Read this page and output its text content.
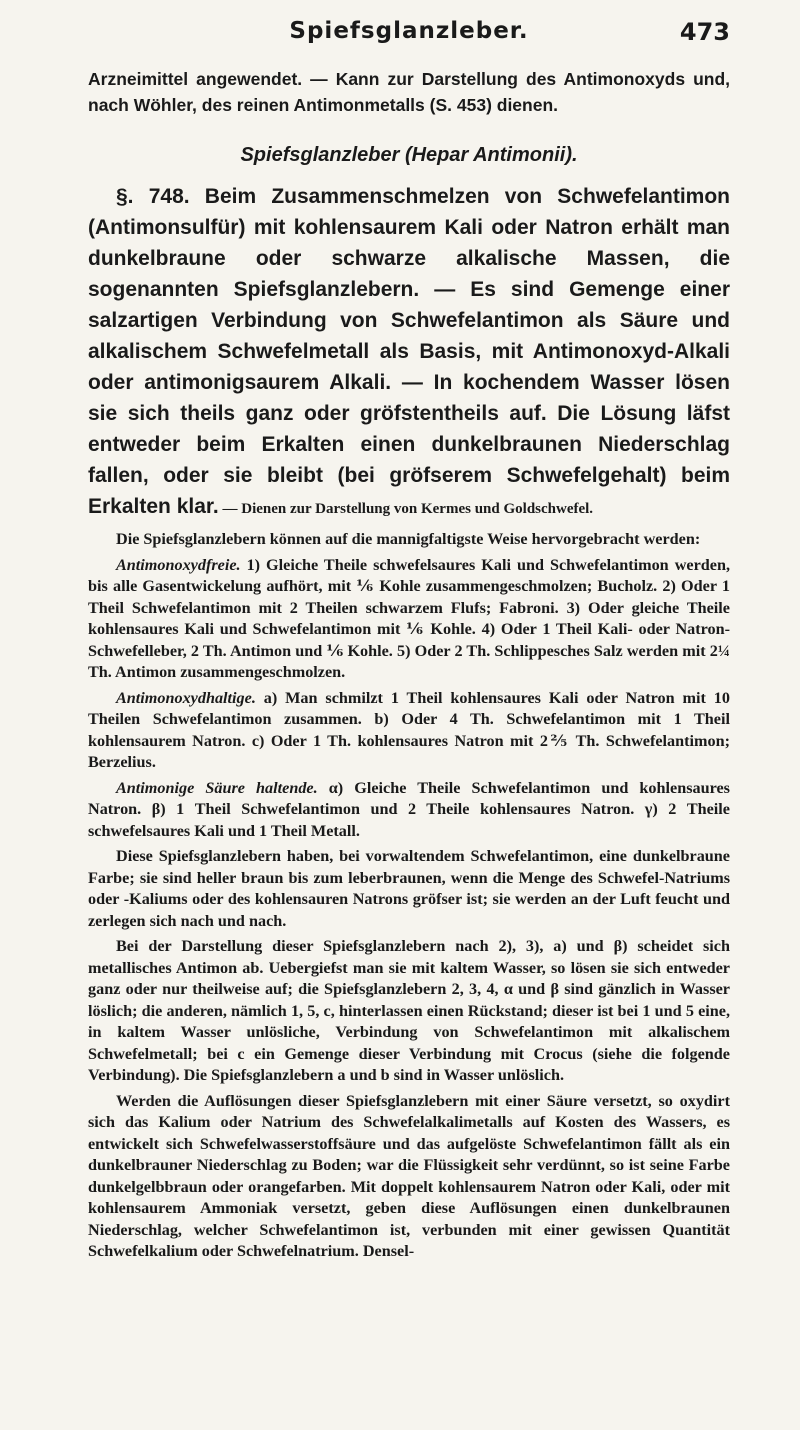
Spiefsglanzleber.	473

Arzneimittel angewendet. — Kann zur Darstellung des Antimonoxyds und, nach Wöhler, des reinen Antimonmetalls (S. 453) dienen.

Spiefsglanzleber (Hepar Antimonii).

§. 748. Beim Zusammenschmelzen von Schwefelantimon (Antimonsulfür) mit kohlensaurem Kali oder Natron erhält man dunkelbraune oder schwarze alkalische Massen, die sogenannten Spiefsglanzlebern. — Es sind Gemenge einer salzartigen Verbindung von Schwefelantimon als Säure und alkalischem Schwefelmetall als Basis, mit Antimonoxyd-Alkali oder antimonigsaurem Alkali. — In kochendem Wasser lösen sie sich theils ganz oder gröfstentheils auf. Die Lösung läfst entweder beim Erkalten einen dunkelbraunen Niederschlag fallen, oder sie bleibt (bei gröfserem Schwefelgehalt) beim Erkalten klar. — Dienen zur Darstellung von Kermes und Goldschwefel.

Die Spiefsglanzlebern können auf die mannigfaltigste Weise hervorgebracht werden:

Antimonoxydfreie. 1) Gleiche Theile schwefelsaures Kali und Schwefelantimon werden, bis alle Gasentwickelung aufhört, mit ⅙ Kohle zusammengeschmolzen; Bucholz. 2) Oder 1 Theil Schwefelantimon mit 2 Theilen schwarzem Flufs; Fabroni. 3) Oder gleiche Theile kohlensaures Kali und Schwefelantimon mit ⅙ Kohle. 4) Oder 1 Theil Kali- oder Natron-Schwefelleber, 2 Th. Antimon und ⅙ Kohle. 5) Oder 2 Th. Schlippesches Salz werden mit 2¼ Th. Antimon zusammengeschmolzen.

Antimonoxydhaltige. a) Man schmilzt 1 Theil kohlensaures Kali oder Natron mit 10 Theilen Schwefelantimon zusammen. b) Oder 4 Th. Schwefelantimon mit 1 Theil kohlensaurem Natron. c) Oder 1 Th. kohlensaures Natron mit 2⅖ Th. Schwefelantimon; Berzelius.

Antimonige Säure haltende. α) Gleiche Theile Schwefelantimon und kohlensaures Natron. β) 1 Theil Schwefelantimon und 2 Theile kohlensaures Natron. γ) 2 Theile schwefelsaures Kali und 1 Theil Metall.

Diese Spiefsglanzlebern haben, bei vorwaltendem Schwefelantimon, eine dunkelbraune Farbe; sie sind heller braun bis zum leberbraunen, wenn die Menge des Schwefel-Natriums oder -Kaliums oder des kohlensauren Natrons gröfser ist; sie werden an der Luft feucht und zerlegen sich nach und nach.

Bei der Darstellung dieser Spiefsglanzlebern nach 2), 3), a) und β) scheidet sich metallisches Antimon ab. Uebergiefst man sie mit kaltem Wasser, so lösen sie sich entweder ganz oder nur theilweise auf; die Spiefsglanzlebern 2, 3, 4, α und β sind gänzlich in Wasser löslich; die anderen, nämlich 1, 5, c, hinterlassen einen Rückstand; dieser ist bei 1 und 5 eine, in kaltem Wasser unlösliche, Verbindung von Schwefelantimon mit alkalischem Schwefelmetall; bei c ein Gemenge dieser Verbindung mit Crocus (siehe die folgende Verbindung). Die Spiefsglanzlebern a und b sind in Wasser unlöslich.

Werden die Auflösungen dieser Spiefsglanzlebern mit einer Säure versetzt, so oxydirt sich das Kalium oder Natrium des Schwefelalkalimetalls auf Kosten des Wassers, es entwickelt sich Schwefelwasserstoffsäure und das aufgelöste Schwefelantimon fällt als ein dunkelbrauner Niederschlag zu Boden; war die Flüssigkeit sehr verdünnt, so ist seine Farbe dunkelgelbbraun oder orangefarben. Mit doppelt kohlensaurem Natron oder Kali, oder mit kohlensaurem Ammoniak versetzt, geben diese Auflösungen einen dunkelbraunen Niederschlag, welcher Schwefelantimon ist, verbunden mit einer gewissen Quantität Schwefelkalium oder Schwefelnatrium. Densel-
